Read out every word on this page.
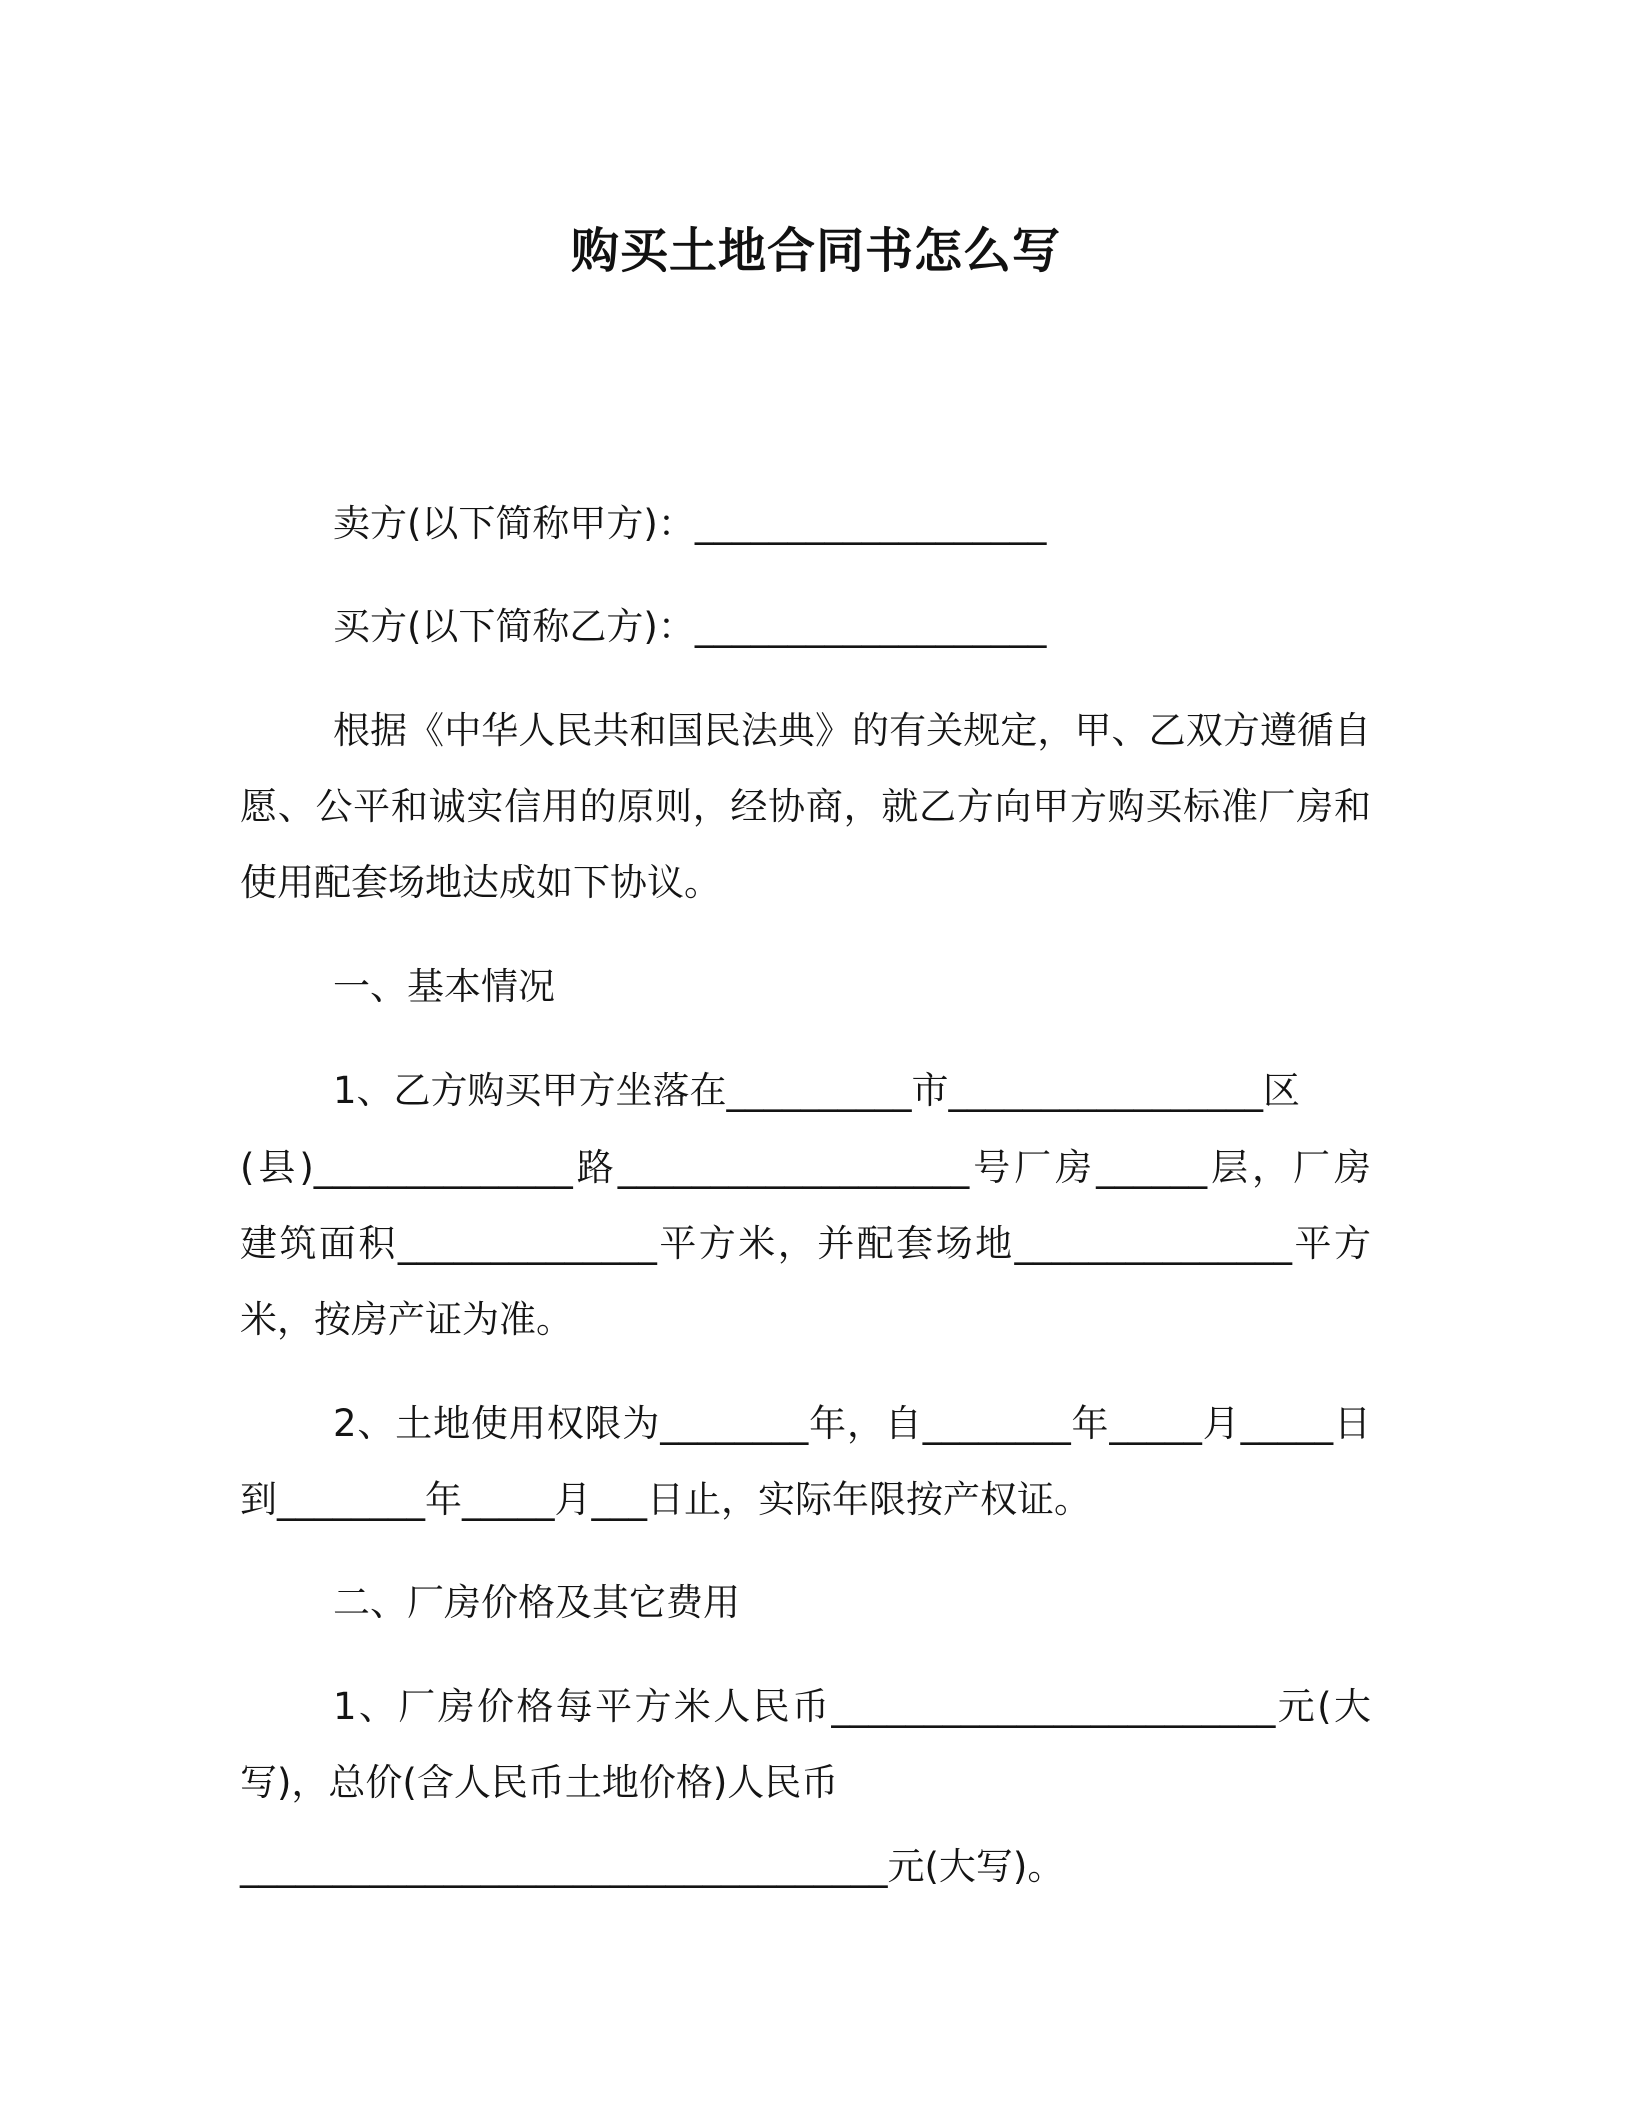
购买土地合同书怎么写
卖方(以下简称甲方)：___________________
买方(以下简称乙方)：___________________
根据《中华人民共和国民法典》的有关规定，甲、乙双方遵循自
愿、公平和诚实信用的原则，经协商，就乙方向甲方购买标准厂房和
使用配套场地达成如下协议。
一、基本情况
1、乙方购买甲方坐落在__________市_________________区
(县)______________路___________________号厂房______层，厂房
建筑面积______________平方米，并配套场地_______________平方
米，按房产证为准。
2、土地使用权限为________年，自________年_____月_____日
到________年_____月___日止，实际年限按产权证。
二、厂房价格及其它费用
1、厂房价格每平方米人民币________________________元(大
写)，总价(含人民币土地价格)人民币
___________________________________元(大写)。
